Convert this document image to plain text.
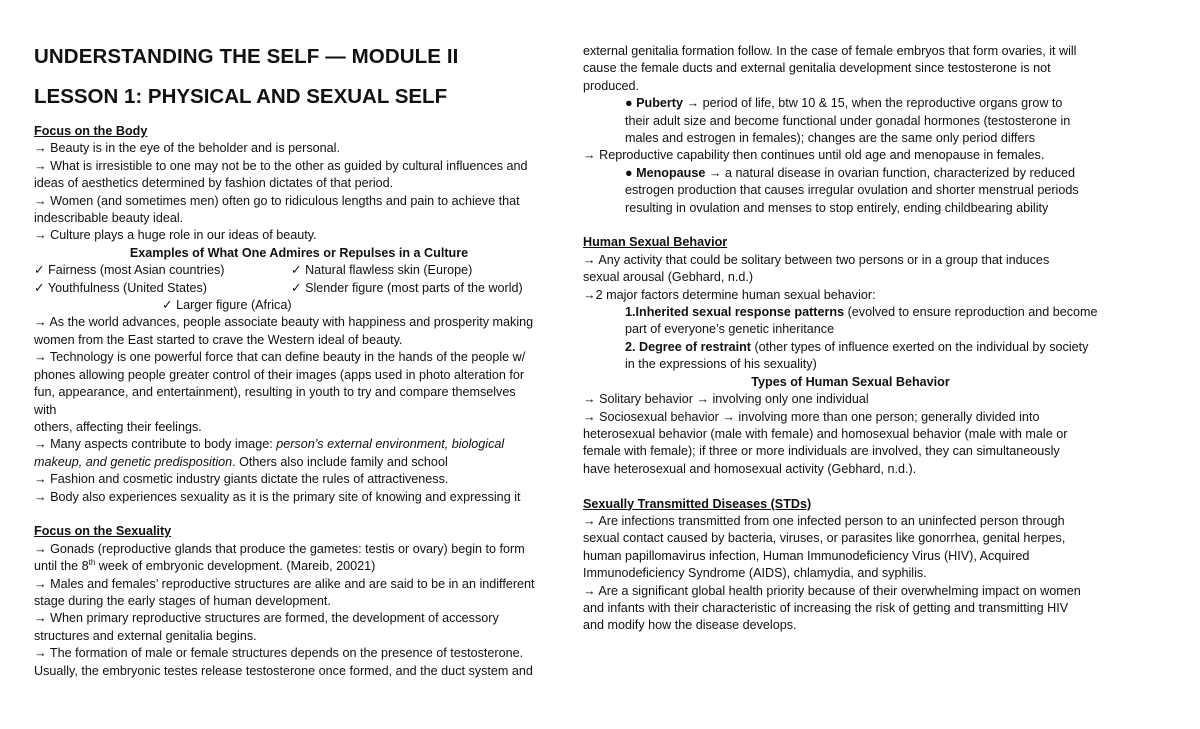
UNDERSTANDING THE SELF — MODULE II
LESSON 1: PHYSICAL AND SEXUAL SELF
Focus on the Body
→ Beauty is in the eye of the beholder and is personal.
→ What is irresistible to one may not be to the other as guided by cultural influences and
ideas of aesthetics determined by fashion dictates of that period.
→ Women (and sometimes men) often go to ridiculous lengths and pain to achieve that
indescribable beauty ideal.
→ Culture plays a huge role in our ideas of beauty.
Examples of What One Admires or Repulses in a Culture
✓ Fairness (most Asian countries)	✓ Natural flawless skin (Europe)
✓ Youthfulness (United States)	✓ Slender figure (most parts of the world)
✓ Larger figure (Africa)
→ As the world advances, people associate beauty with happiness and prosperity making
women from the East started to crave the Western ideal of beauty.
→ Technology is one powerful force that can define beauty in the hands of the people w/
phones allowing people greater control of their images (apps used in photo alteration for
fun, appearance, and entertainment), resulting in youth to try and compare themselves
with
others, affecting their feelings.
→ Many aspects contribute to body image: person’s external environment, biological
makeup, and genetic predisposition. Others also include family and school
→ Fashion and cosmetic industry giants dictate the rules of attractiveness.
→ Body also experiences sexuality as it is the primary site of knowing and expressing it
Focus on the Sexuality
→ Gonads (reproductive glands that produce the gametes: testis or ovary) begin to form
until the 8th week of embryonic development. (Mareib, 20021)
→ Males and females’ reproductive structures are alike and are said to be in an indifferent
stage during the early stages of human development.
→ When primary reproductive structures are formed, the development of accessory
structures and external genitalia begins.
→ The formation of male or female structures depends on the presence of testosterone.
Usually, the embryonic testes release testosterone once formed, and the duct system and
external genitalia formation follow. In the case of female embryos that form ovaries, it will
cause the female ducts and external genitalia development since testosterone is not
produced.
● Puberty → period of life, btw 10 & 15, when the reproductive organs grow to
their adult size and become functional under gonadal hormones (testosterone in
males and estrogen in females); changes are the same only period differs
→ Reproductive capability then continues until old age and menopause in females.
● Menopause → a natural disease in ovarian function, characterized by reduced
estrogen production that causes irregular ovulation and shorter menstrual periods
resulting in ovulation and menses to stop entirely, ending childbearing ability
Human Sexual Behavior
→ Any activity that could be solitary between two persons or in a group that induces
sexual arousal (Gebhard, n.d.)
→2 major factors determine human sexual behavior:
1.Inherited sexual response patterns (evolved to ensure reproduction and become
part of everyone’s genetic inheritance
2. Degree of restraint (other types of influence exerted on the individual by society
in the expressions of his sexuality)
Types of Human Sexual Behavior
→ Solitary behavior → involving only one individual
→ Sociosexual behavior → involving more than one person; generally divided into
heterosexual behavior (male with female) and homosexual behavior (male with male or
female with female); if three or more individuals are involved, they can simultaneously
have heterosexual and homosexual activity (Gebhard, n.d.).
Sexually Transmitted Diseases (STDs)
→ Are infections transmitted from one infected person to an uninfected person through
sexual contact caused by bacteria, viruses, or parasites like gonorrhea, genital herpes,
human papillomavirus infection, Human Immunodeficiency Virus (HIV), Acquired
Immunodeficiency Syndrome (AIDS), chlamydia, and syphilis.
→ Are a significant global health priority because of their overwhelming impact on women
and infants with their characteristic of increasing the risk of getting and transmitting HIV
and modify how the disease develops.
